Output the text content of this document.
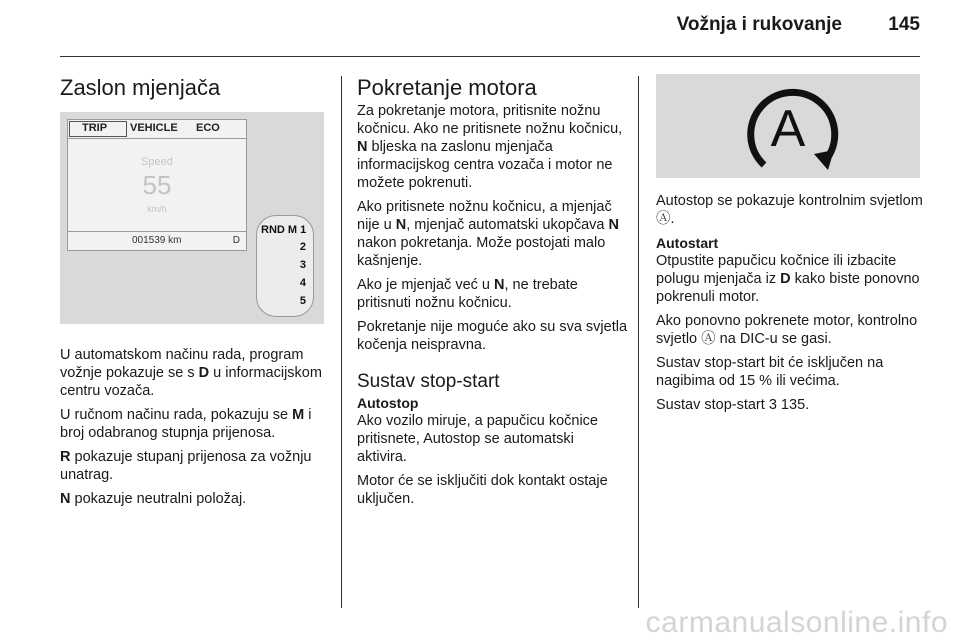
Vožnja i rukovanje 145
Zaslon mjenjača
TRIP VEHICLE ECO
Speed
55
km/h
001539 km	D
RND M 1
2
3
4
5

U automatskom načinu rada, program vožnje pokazuje se s D u informacijskom centru vozača.

U ručnom načinu rada, pokazuju se M i broj odabranog stupnja prijenosa.

R pokazuje stupanj prijenosa za vožnju unatrag.

N pokazuje neutralni položaj.

Pokretanje motora

Za pokretanje motora, pritisnite nožnu kočnicu. Ako ne pritisnete nožnu kočnicu, N bljeska na zaslonu mjenjača informacijskog centra vozača i motor ne možete pokrenuti.

Ako pritisnete nožnu kočnicu, a mjenjač nije u N, mjenjač automatski ukopčava N nakon pokretanja. Može postojati malo kašnjenje.

Ako je mjenjač već u N, ne trebate pritisnuti nožnu kočnicu.

Pokretanje nije moguće ako su sva svjetla kočenja neispravna.

Sustav stop-start
Autostop

Ako vozilo miruje, a papučicu kočnice pritisnete, Autostop se automatski aktivira.

Motor će se isključiti dok kontakt ostaje uključen.

A

Autostop se pokazuje kontrolnim svjetlom Ⓐ.

Autostart

Otpustite papučicu kočnice ili izbacite polugu mjenjača iz D kako biste ponovno pokrenuli motor.

Ako ponovno pokrenete motor, kontrolno svjetlo Ⓐ na DIC-u se gasi.

Sustav stop-start bit će isključen na nagibima od 15 % ili većima.

Sustav stop-start 3 135.

carmanualsonline.info
